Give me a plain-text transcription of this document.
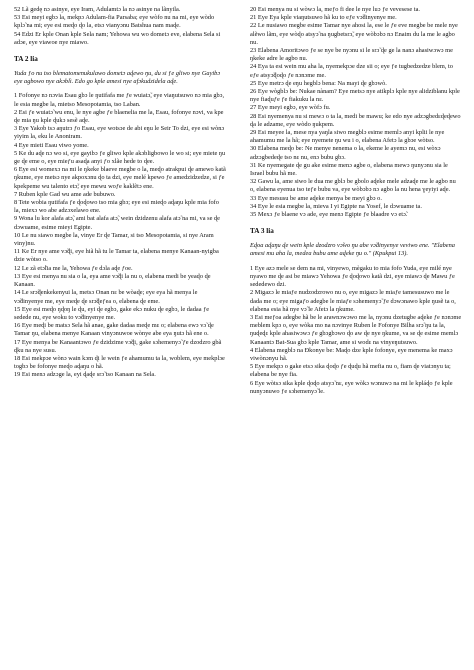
52 Lã gedę nɔ asinye, eye Iram, Adulamtɔ la nɔ asinye na lãnyila.

53 Esi meyi egbɔ la, mekpɔ Adulam-fia Parsaba; eye wòfo nu na mi, eye wòdo kplɔ̃ na mi; eye esi meɖo ɖo la, etsɔ vianyɔnu Batshua nam maɖe.

54 Edzi Er kple Onan kple Sela nam; Yehowa wu wo dometɔ eve, elabena Sela si adɔe, eye viawoe nye miawo.

TA 2 lia

Yuda ƒo nu tso blematomenukulawo dometɔ aɖewo ŋu, du si ƒe gliwo nye Gayibɔ eye agbowo nye akɔblì. Edo go kple amesi nye afɔkudzidela aɖe.

1 Fofonye nɔ nɔvia Esau gbɔ le ŋutifafa me ƒe wuiatɔ̃, eye viaŋutsuwo nɔ mia gbɔ, le esia megbe la, mietso Mesopotamia, tso Laban.

2 Esi ƒe wuiatɔ̃ wu enu, le nye agbe ƒe blaenelia me la, Esau, fofonye nɔvi, va kpe ɖe mia ŋu kple ɖukɔ sesẽ aɖe.

3 Eye Yakob tsɔ aŋutrɔ ƒo Esau, eye wotsɔe de abi eŋu le Seir To dzi, eye esi wònɔ yiyim la, eku le Anoniram.

4 Eye mieti Esau viwo yome.

5 Ke du aɖe nɔ wo si, eye gayibɔ ƒe gliwo kple akɔbligbowo le wo si; eye miete ŋu ge ɖe eme o, eye mieƒu asaɖa anyi ƒo xlãe hede to ɖee.

6 Eye esi womexɔ na mi le ŋkeke blaeve megbe o la, meɖo atrakpui ɖe amewo katã ŋkume, eye metsɔ nye akpoxɔnu ɖo ta dzi, eye melé kpewo ƒe amedzidzedze, si ƒe kpekpeme wu talento etɔ̃; eye mewu woƒe kaklẽtɔ ene.

7 Ruben kple Gad wu ame ade bubuwo.

8 Tete wobia ŋutifafa ƒe ɖoɖowo tso mia gbɔ; eye esi mieɖo aɖaŋu kple mia fofo la, miexɔ wo abe adzɔxelawo ene.

9 Wona lu kor alafa atɔ̃, ami bat alafa atɔ̃, wein dzidzenu alafa atɔ̃ na mi, va se ɖe dɔwuame, esime mieyi Egipte.

10 Le nu siawo megbe la, vinye Er ɖe Tamar, si tso Mesopotamia, si nye Aram viny)nu.

11 Ke Er nye ame vɔ̃ɖi, eye hiã hã tu le Tamar ta, elabena menye Kanaan-nyigba dzie wòtso o.

12 Le zã etɔ̃lia me la, Yehowa ƒe dɔla aɖe ƒoe.

13 Eye esi menya nu sia o la, eya ame vɔ̃ɖi la nu o, elabena medi be yeaɖo ɖe Kanaan.

14 Le srɔ̃ɖenkekenyui la, metsɔ Onan nɛ be wòaɖe; eye eya hã menya le vɔ̃dinyenye me, eye meɖe ɖe srɔ̃ɖeƒea o, elabena ɖe eme.

15 Eye esi meɖo ŋɖoŋ le ɖu, eyi ɖe egbɔ, gake ekɔ nuku ɖe egbɔ, le dadaa ƒe sedede nu, eye woku to vɔ̃dinyenye me.

16 Eye meɖi be matsɔ Sela hã anae, gake dadaa meɖe mɛ o; elabena ewɔ vɔ̃ ɖe Tamar ŋu, elabena menye Kanaan vinyɔnuwoe wònye abe eya ŋutɔ hã ene o.

17 Eye menya be Kanaantɔwo ƒe dzidzime vɔ̃ɖi, gake sɔhemenyɔ̃ ƒe dzodzro gbã ɖku na nye susu.

18 Esi mekpɔe wònɔ wain kɔm ɖi le wein ƒe ahamumu ta la, woblem, eye mekplɔe togbɔ be fofonye meɖo aɖaŋu o hã.

19 Esi menɔ adzɔge la, eyi ɖaɖe srɔ̃ tso Kanaan na Sela.

20 Esi menya nu si wòwɔ la, meƒo fi dee le nye luɔ ƒe vevesese ta.

21 Eye Eya kple viaŋutsuwo hã ku to eƒe vɔ̃dinyenye me.

22 Le nusiawo megbe esime Tamar nye ahosi la, ese le ƒe eve megbe be mele nye alẽwo lãm, eye wòɖo atsyɔ̃ na ŋugbetsrɔ̃, eye wòbɔbɔ nɔ Enaim du la me le agbo nu.

23 Elabena Amoritɔwo ƒe se nye be nyɔnu si le srɔ̃ ɖe ge la nanɔ ahasiwɔwɔ me ŋkeke adre le agbo nu.

24 Eya ta esi wein mu aha la, nyemekpɔe dze sii o; eye ƒe tugbedzedze blem, to eƒe atsyɔ̃ɖoɖo ƒe nɔnɔme me.

25 Eye metrɔ ɖe eŋu hegblɔ bena: Na mayi ɖe gbɔwò.

26 Eye wògblɔ be: Nukae nànam? Eye metsɔ nye atikplɔ kple nye alidziblanu kple nye fiaɖuƒe ƒe fiakuku la nɛ.

27 Eye meyi egbɔ, eye wòfɔ fu.

28 Esi nyemenya nu si mewɔ o ta la, medi be mawu; ke edo nye adzɔgbedɛɖeɖewo ɖa le adzame, eye wòdo ŋukpem.

29 Esi meyee la, mese nya yaŋla siwo megblɔ esime memlɔ anyi kplii le nye ahamumu me la hã; eye nyemete ŋu wu i o, elabena Afetɔ la gbɔe wòtso.

30 Elabena meɖo be: Ne menye nenema o la, ekeme le ayemɔ nu, esi wòxɔ adzɔgbedeɖe tso nɛ nu, enɔ bubu gbɔ.

31 Ke nyemegate ɖe gu ake esime menɔ agbe o, elabena mewɔ ŋunyɔnu sia le Israel bubu hã me.

32 Gawu la, ame siwo le dua me gblɔ be gbolo aɖeke mele adzaɖe me le agbo nu o, elabena eyenua tso teƒe bubu va, eye wòbɔbɔ nɔ agbo la nu hena ɣeyiyi aɖe.

33 Eye mesusu be ame aɖeke menya be meyi gbɔ o.

34 Eye le esia megbe la, mieva I yi Egipte na Yosef, le dɔwuame ta.

35 Mexɔ ƒe blaene vɔ ade, eye menɔ Egipte ƒe blaadre vɔ etɔ̃.

TA 3 lia

Eɖoa aɖaŋu ɖe wein kple dzodzro vɔ̃wo ŋu abe vɔ̃dinyenye veviwo ene. "Elabena amesi mu aha la, medea bubu ame aɖeke ŋu o." (Kpukpui 13).

1 Eye azɔ mele se dem na mi, vinyewo, mègaku to mia fofo Yuda, eye milé nye nyawo me ɖe asi be miawɔ Yehowa ƒe ɖoɖowo katã dzi, eye miawɔ ɖe Mawu ƒe sededewo dzi.

2 Migazɔ le miaƒe nudzodzrowo nu o, eye migazɔ le miaƒe tamesusuwo me le dada me o; eye migaƒo adegbe le miaƒe sɔhemenyɔ̃ ƒe dɔwɔnawo kple ŋusẽ ta o, elabena esia hã nye vɔ̃ le Afetɔ la ŋkume.

3 Esi meƒoa adegbe hã be le arawnɔwɔwo me la, nyɔnu dzetugbe aɖeke ƒe nɔnɔme meblem kpɔ o, eye wòka mo na nɔvinye Ruben le Fofonye Bilha srɔ̃ ŋu ta la, ŋuɖeɖɛ kple ahasiwɔwɔ ƒe gbɔgbɔwo ɖo aw ɖe nye ŋkume, va se ɖe esime memlɔ Kanaantɔ Bat-Sua gbɔ kple Tamar, ame si wodɛ na vinyeŋutsuwo.

4 Elabena megblɔ na Ɖkonye be: Maɖo dze kple fofonye, eye menema ke maxɔ viwònɔnyu hã.

5 Eye mekpɔ o gake etsɔ sika ɖoɖo ƒe ɖuɖu hã mefia nu o, fiam ɖe viatɔnyu ta; elabena be nye fia.

6 Eye wòtsɔ sika kple ɖoɖo atsyɔ̃ nɛ, eye wòkɔ wɔnuwɔ na mi le kpláɖo ƒe kple nunyɔnuwo ƒe sɔhemenyɔ̃ le.
